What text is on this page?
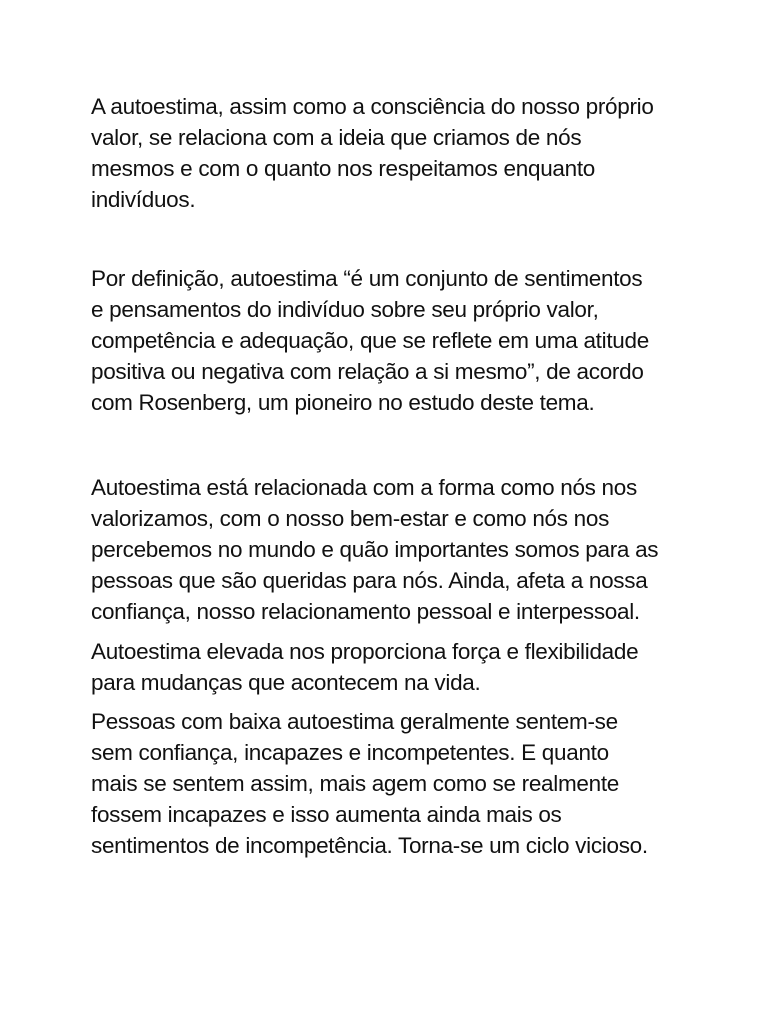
A autoestima, assim como a consciência do nosso próprio
valor, se relaciona com a ideia que criamos de nós
mesmos e com o quanto nos respeitamos enquanto
indivíduos.

Por definição, autoestima “é um conjunto de sentimentos
e pensamentos do indivíduo sobre seu próprio valor,
competência e adequação, que se reflete em uma atitude
positiva ou negativa com relação a si mesmo”, de acordo
com Rosenberg, um pioneiro no estudo deste tema.

Autoestima está relacionada com a forma como nós nos
valorizamos, com o nosso bem-estar e como nós nos
percebemos no mundo e quão importantes somos para as
pessoas que são queridas para nós. Ainda, afeta a nossa
confiança, nosso relacionamento pessoal e interpessoal.

Autoestima elevada nos proporciona força e flexibilidade
para mudanças que acontecem na vida.

Pessoas com baixa autoestima geralmente sentem-se
sem confiança, incapazes e incompetentes. E quanto
mais se sentem assim, mais agem como se realmente
fossem incapazes e isso aumenta ainda mais os
sentimentos de incompetência. Torna-se um ciclo vicioso.
